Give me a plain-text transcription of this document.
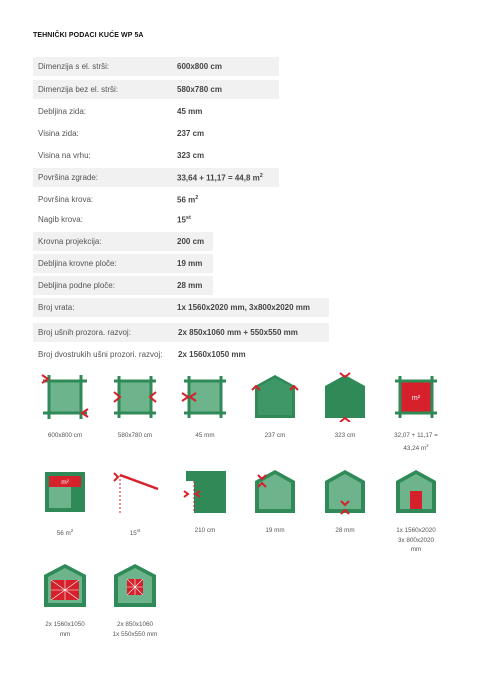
TEHNIČKI PODACI KUĆE WP 5A
Dimenzija s el. strši:	600x800 cm
Dimenzija bez el. strši:	580x780 cm
Debljina zida:	45 mm
Visina zida:	237 cm
Visina na vrhu:	323 cm
Površina zgrade:	33,64 + 11,17 = 44,8 $m^2$
Površina krova:	56 $m^2$
Nagib krova:	15st
Krovna projekcija:	200 cm
Debljina krovne ploče:	19 mm
Debljina podne ploče:	28 mm
Broj vrata:	1x 1560x2020 mm, 3x800x2020 mm
Broj ušnih prozora. razvoj:	2x 850x1060 mm + 550x550 mm
Broj dvostrukih ušni prozori. razvoj: 2x 1560x1050 mm
600x800 cm	580x780 cm	45 mm	237 cm	323 cm
m²
32,07 + 11,17 =
43,24 $m^2$
m²
56 $m^2$	15st	210 cm	19 mm	28 mm	1x 1560x2020
3x 800x2020
mm
2x 1560x1050
mm
2x 850x1060
1x 550x550 mm
